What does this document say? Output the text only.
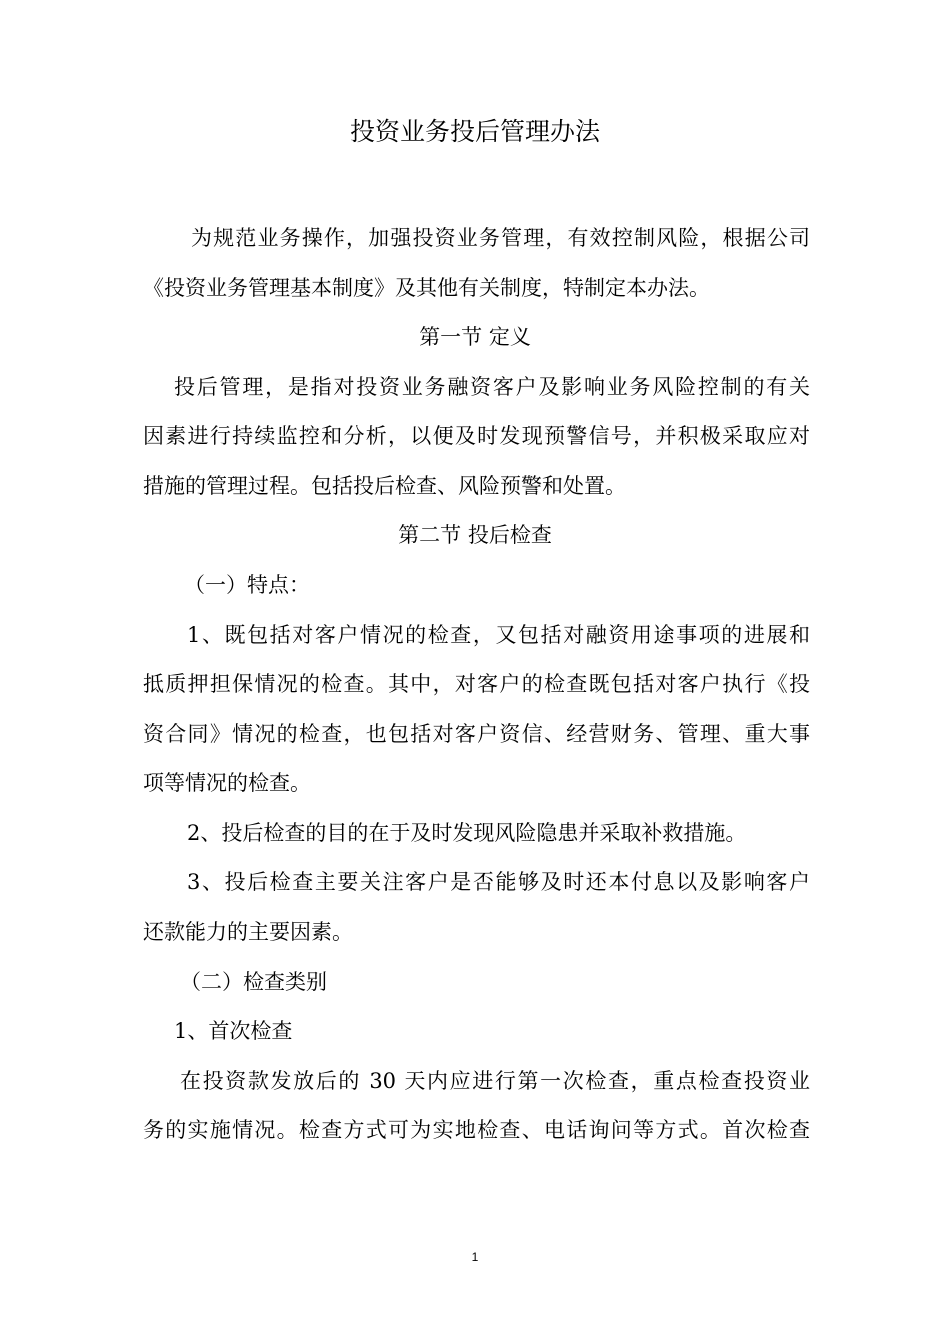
投资业务投后管理办法
为规范业务操作，加强投资业务管理，有效控制风险，根据公司
《投资业务管理基本制度》及其他有关制度，特制定本办法。
第一节 定义
投后管理，是指对投资业务融资客户及影响业务风险控制的有关
因素进行持续监控和分析，以便及时发现预警信号，并积极采取应对
措施的管理过程。包括投后检查、风险预警和处置。
第二节 投后检查
（一）特点：
1、既包括对客户情况的检查，又包括对融资用途事项的进展和
抵质押担保情况的检查。其中，对客户的检查既包括对客户执行《投
资合同》情况的检查，也包括对客户资信、经营财务、管理、重大事
项等情况的检查。
2、投后检查的目的在于及时发现风险隐患并采取补救措施。
3、投后检查主要关注客户是否能够及时还本付息以及影响客户
还款能力的主要因素。
（二）检查类别
1、首次检查
在投资款发放后的 30 天内应进行第一次检查，重点检查投资业
务的实施情况。检查方式可为实地检查、电话询问等方式。首次检查
1
